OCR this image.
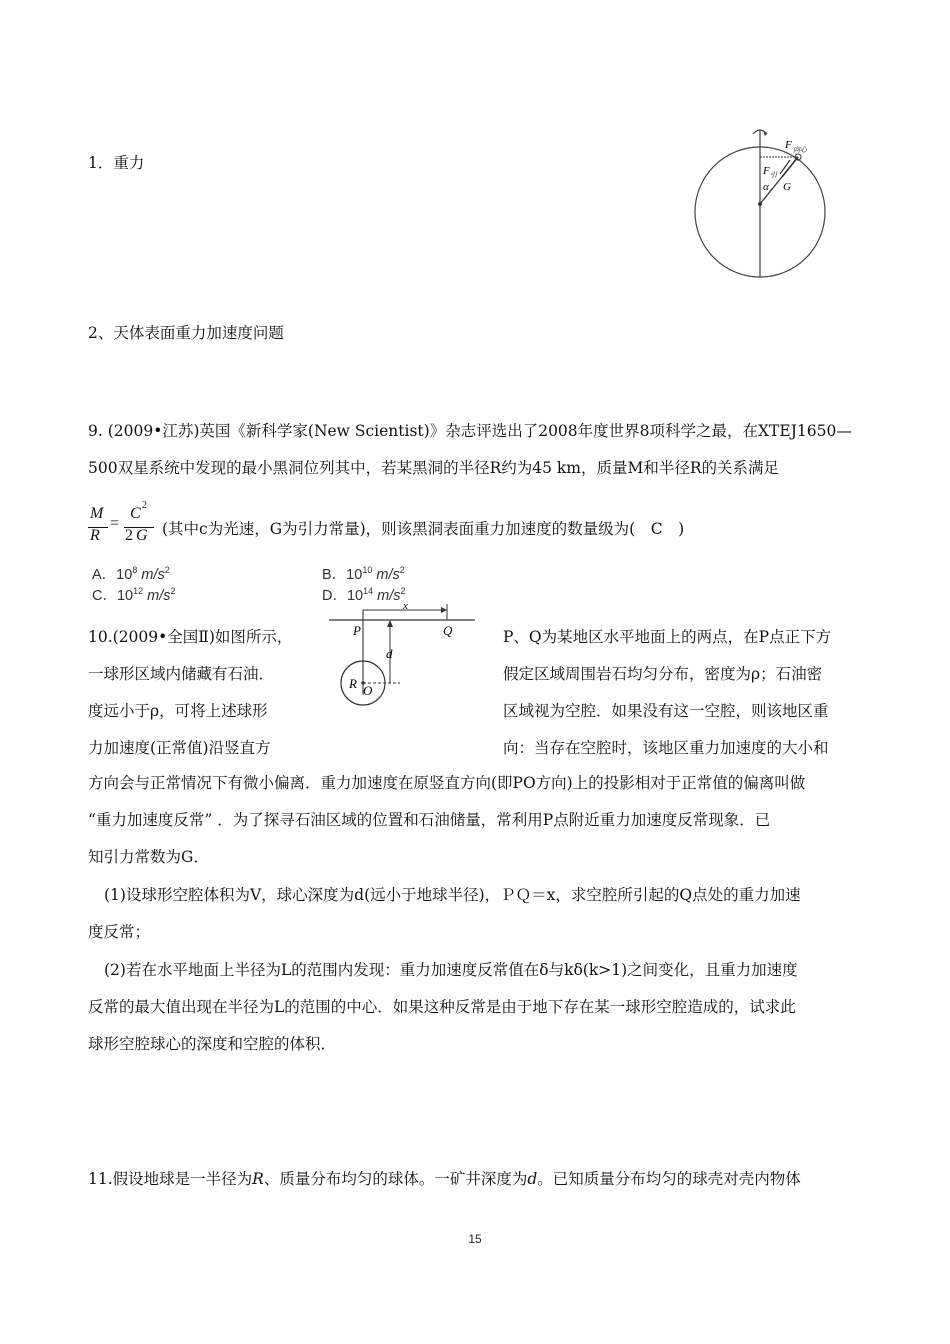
1．重力
F 向心
F 引
α G
2、天体表面重力加速度问题
9. (2009•江苏)英国《新科学家(New Scientist)》杂志评选出了2008年度世界8项科学之最，在XTEJ1650—
500双星系统中发现的最小黑洞位列其中，若某黑洞的半径R约为45 km，质量M和半径R的关系满足
M
R
=
C 2
2 G (其中c为光速，G为引力常量)，则该黑洞表面重力加速度的数量级为(　C　)
A．$10^8$ $m/s^2$	B．$10^{10}$ $m/s^2$
C．$10^{12}$ $m/s^2$	D．$10^{14}$ $m/s^2$
10.(2009•全国Ⅱ)如图所示，
一球形区域内储藏有石油．
度远小于ρ，可将上述球形
力加速度(正常值)沿竖直方
P、Q为某地区水平地面上的两点，在P点正下方
假定区域周围岩石均匀分布，密度为ρ；石油密
区域视为空腔．如果没有这一空腔，则该地区重
向：当存在空腔时，该地区重力加速度的大小和
P	Q
x
d
R O
方向会与正常情况下有微小偏离．重力加速度在原竖直方向(即PO方向)上的投影相对于正常值的偏离叫做
“重力加速度反常” ．为了探寻石油区域的位置和石油储量，常利用P点附近重力加速度反常现象．已
知引力常数为G．
(1)设球形空腔体积为V，球心深度为d(远小于地球半径)，ＰＱ＝x，求空腔所引起的Q点处的重力加速
度反常；
(2)若在水平地面上半径为L的范围内发现：重力加速度反常值在δ与kδ(k>1)之间变化，且重力加速度
反常的最大值出现在半径为L的范围的中心．如果这种反常是由于地下存在某一球形空腔造成的，试求此
球形空腔球心的深度和空腔的体积．
11.假设地球是一半径为R、质量分布均匀的球体。一矿井深度为d。已知质量分布均匀的球壳对壳内物体
15
